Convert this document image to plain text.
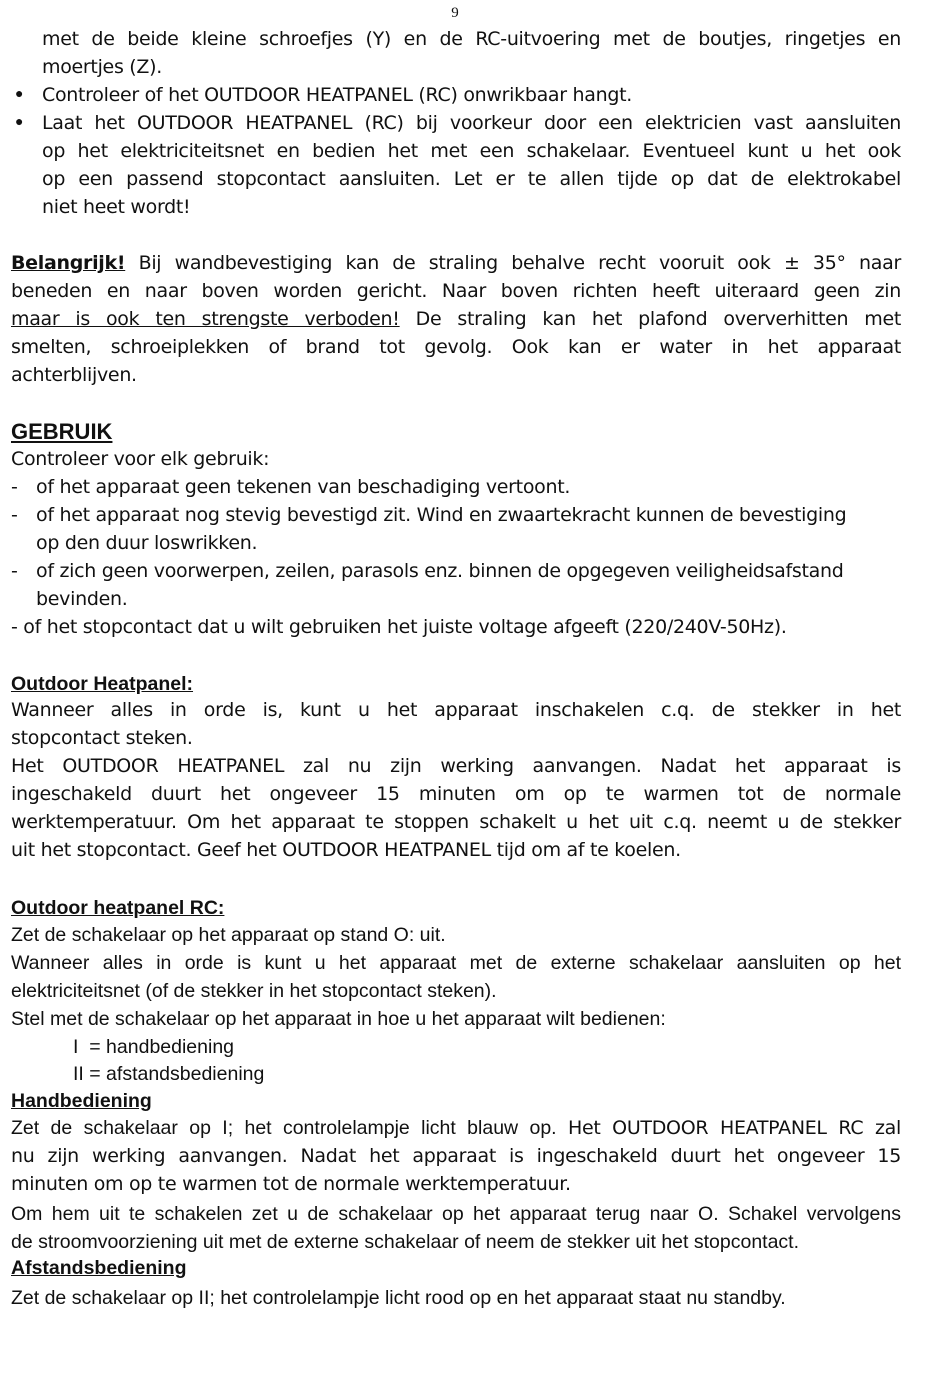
9
met de beide kleine schroefjes (Y) en de RC-uitvoering met de boutjes, ringetjes en
moertjes (Z).
● Controleer of het OUTDOOR HEATPANEL (RC) onwrikbaar hangt.
● Laat het OUTDOOR HEATPANEL (RC) bij voorkeur door een elektricien vast aansluiten
op het elektriciteitsnet en bedien het met een schakelaar. Eventueel kunt u het ook
op een passend stopcontact aansluiten. Let er te allen tijde op dat de elektrokabel
niet heet wordt!
Belangrijk! Bij wandbevestiging kan de straling behalve recht vooruit ook ± 35° naar
beneden en naar boven worden gericht. Naar boven richten heeft uiteraard geen zin
maar is ook ten strengste verboden! De straling kan het plafond oververhitten met
smelten, schroeiplekken of brand tot gevolg. Ook kan er water in het apparaat
achterblijven.
GEBRUIK
Controleer voor elk gebruik:
- of het apparaat geen tekenen van beschadiging vertoont.
- of het apparaat nog stevig bevestigd zit. Wind en zwaartekracht kunnen de bevestiging
op den duur loswrikken.
- of zich geen voorwerpen, zeilen, parasols enz. binnen de opgegeven veiligheidsafstand
bevinden.
- of het stopcontact dat u wilt gebruiken het juiste voltage afgeeft (220/240V-50Hz).
Outdoor Heatpanel:
Wanneer alles in orde is, kunt u het apparaat inschakelen c.q. de stekker in het
stopcontact steken.
Het OUTDOOR HEATPANEL zal nu zijn werking aanvangen. Nadat het apparaat is
ingeschakeld duurt het ongeveer 15 minuten om op te warmen tot de normale
werktemperatuur. Om het apparaat te stoppen schakelt u het uit c.q. neemt u de stekker
uit het stopcontact. Geef het OUTDOOR HEATPANEL tijd om af te koelen.
Outdoor heatpanel RC:
Zet de schakelaar op het apparaat op stand O: uit.
Wanneer alles in orde is kunt u het apparaat met de externe schakelaar aansluiten op het
elektriciteitsnet (of de stekker in het stopcontact steken).
Stel met de schakelaar op het apparaat in hoe u het apparaat wilt bedienen:
I  = handbediening
II = afstandsbediening
Handbediening
Zet de schakelaar op I; het controlelampje licht blauw op. Het OUTDOOR HEATPANEL RC zal
nu zijn werking aanvangen. Nadat het apparaat is ingeschakeld duurt het ongeveer 15
minuten om op te warmen tot de normale werktemperatuur.
Om hem uit te schakelen zet u de schakelaar op het apparaat terug naar O. Schakel vervolgens
de stroomvoorziening uit met de externe schakelaar of neem de stekker uit het stopcontact.
Afstandsbediening
Zet de schakelaar op II; het controlelampje licht rood op en het apparaat staat nu standby.
